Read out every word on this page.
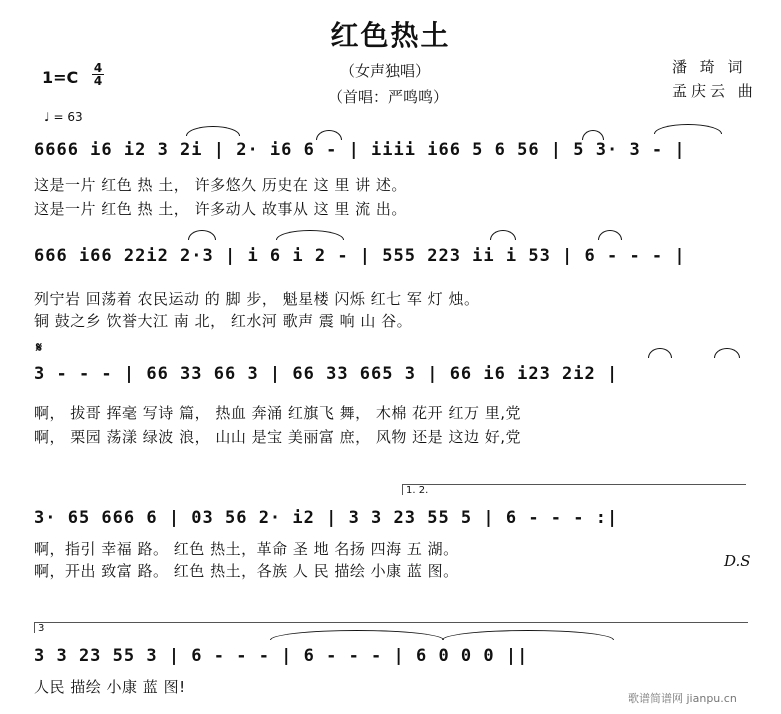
红色热土
1=C 4
4
（女声独唱）
（首唱：严鸣鸣）
潘 琦 词
孟庆云 曲
♩ = 63
6666 i6 i2 3 2i | 2· i6 6 - | iiii i66 5 6 56 | 5 3· 3 - |
这是一片 红色 热 土， 许多悠久 历史在 这 里 讲 述。
这是一片 红色 热 土， 许多动人 故事从 这 里 流 出。
666 i66 22i2 2·3 | i 6 i 2 - | 555 223 ii i 53 | 6 - - - |
列宁岩 回荡着 农民运动 的 脚 步， 魁星楼 闪烁 红七 军 灯 烛。
铜 鼓之乡 饮誉大江 南 北， 红水河 歌声 震 响 山 谷。
𝄋
3 - - - | 66 33 66 3 | 66 33 665 3 | 66 i6 i23 2i2 |
啊， 拔哥 挥毫 写诗 篇， 热血 奔涌 红旗飞 舞， 木棉 花开 红万 里,党
啊， 栗园 荡漾 绿波 浪， 山山 是宝 美丽富 庶， 风物 还是 这边 好,党
1. 2.
3· 65 666 6 | 03 56 2· i2 | 3 3 23 55 5 | 6 - - - :|
啊，指引 幸福 路。 红色 热土，革命 圣 地 名扬 四海 五 湖。
啊，开出 致富 路。 红色 热土，各族 人 民 描绘 小康 蓝 图。
D.S
3
3 3 23 55 3 | 6 - - - | 6 - - - | 6 0 0 0 ||
人民 描绘 小康 蓝 图!
歌谱简谱网 jianpu.cn
